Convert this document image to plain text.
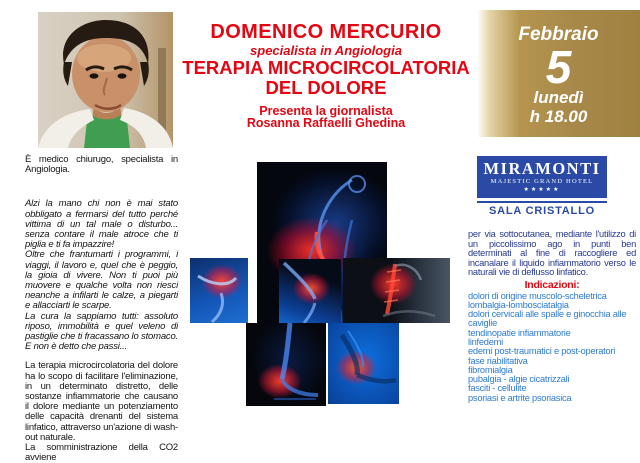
DOMENICO MERCURIO
specialista in Angiologia
TERAPIA MICROCIRCOLATORIA
DEL DOLORE
Presenta la giornalista
Rosanna Raffaelli Ghedina
Febbraio
5
lunedì
h 18.00
MIRAMONTI
MAJESTIC GRAND HOTEL
★★★★★
SALA CRISTALLO
È medico chiurugo, specialista in Angiologia.
Alzi la mano chi non è mai stato obbligato a fermarsi del tutto perché vittima di un tal male o disturbo... senza contare il male atroce che ti piglia e ti fa impazzire!
Oltre che frantumarti i programmi, i viaggi, il lavoro e, quel che è peggio, la gioia di vivere. Non ti puoi più muovere e qualche volta non riesci neanche a infilarti le calze, a piegarti e allacciarti le scarpe.
La cura la sappiamo tutti: assoluto riposo, immobilità e quel veleno di pastiglie che ti fracassano lo stomaco. E non è detto che passi...
La terapia microcircolatoria del dolore ha lo scopo di facilitare l'eliminazione, in un determinato distretto, delle sostanze infiammatorie che causano il dolore mediante un potenziamento delle capacità drenanti del sistema linfatico, attraverso un'azione di wash-out naturale.
La somministrazione della CO2 avviene
per via sottocutanea, mediante l'utilizzo di un piccolissimo ago in punti ben determinati al fine di raccogliere ed incanalare il liquido infiammatorio verso le naturali vie di deflusso linfatico.
Indicazioni:
dolori di origine muscolo-scheletrica
lombalgia-lombosciatalgia
dolori cervicali alle spalle e ginocchia alle caviglie
tendinopatie infiammatorie
linfedemi
edemi post-traumatici e post-operatori
fase riabilitativa
fibromialgia
pubalgia - algie cicatrizzali
fasciti - cellulite
psoriasi e artrite psoriasica
